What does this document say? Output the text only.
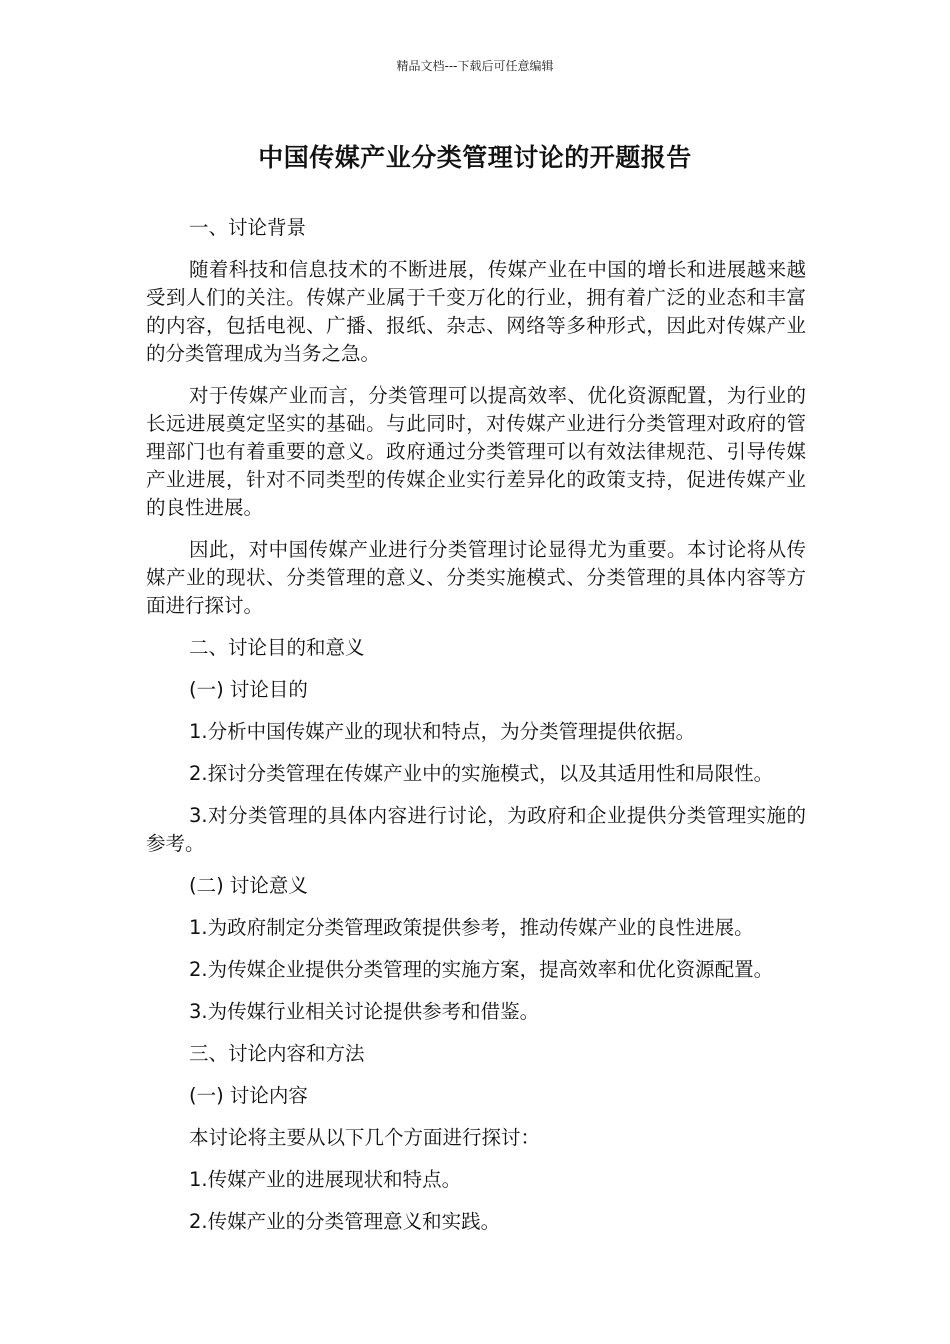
精品文档---下载后可任意编辑
中国传媒产业分类管理讨论的开题报告

一、讨论背景

随着科技和信息技术的不断进展，传媒产业在中国的增长和进展越来越受到人们的关注。传媒产业属于千变万化的行业，拥有着广泛的业态和丰富的内容，包括电视、广播、报纸、杂志、网络等多种形式，因此对传媒产业的分类管理成为当务之急。

对于传媒产业而言，分类管理可以提高效率、优化资源配置，为行业的长远进展奠定坚实的基础。与此同时，对传媒产业进行分类管理对政府的管理部门也有着重要的意义。政府通过分类管理可以有效法律规范、引导传媒产业进展，针对不同类型的传媒企业实行差异化的政策支持，促进传媒产业的良性进展。

因此，对中国传媒产业进行分类管理讨论显得尤为重要。本讨论将从传媒产业的现状、分类管理的意义、分类实施模式、分类管理的具体内容等方面进行探讨。

二、讨论目的和意义

(一) 讨论目的

1.分析中国传媒产业的现状和特点，为分类管理提供依据。

2.探讨分类管理在传媒产业中的实施模式，以及其适用性和局限性。

3.对分类管理的具体内容进行讨论，为政府和企业提供分类管理实施的参考。

(二) 讨论意义

1.为政府制定分类管理政策提供参考，推动传媒产业的良性进展。

2.为传媒企业提供分类管理的实施方案，提高效率和优化资源配置。

3.为传媒行业相关讨论提供参考和借鉴。

三、讨论内容和方法

(一) 讨论内容

本讨论将主要从以下几个方面进行探讨：

1.传媒产业的进展现状和特点。

2.传媒产业的分类管理意义和实践。
